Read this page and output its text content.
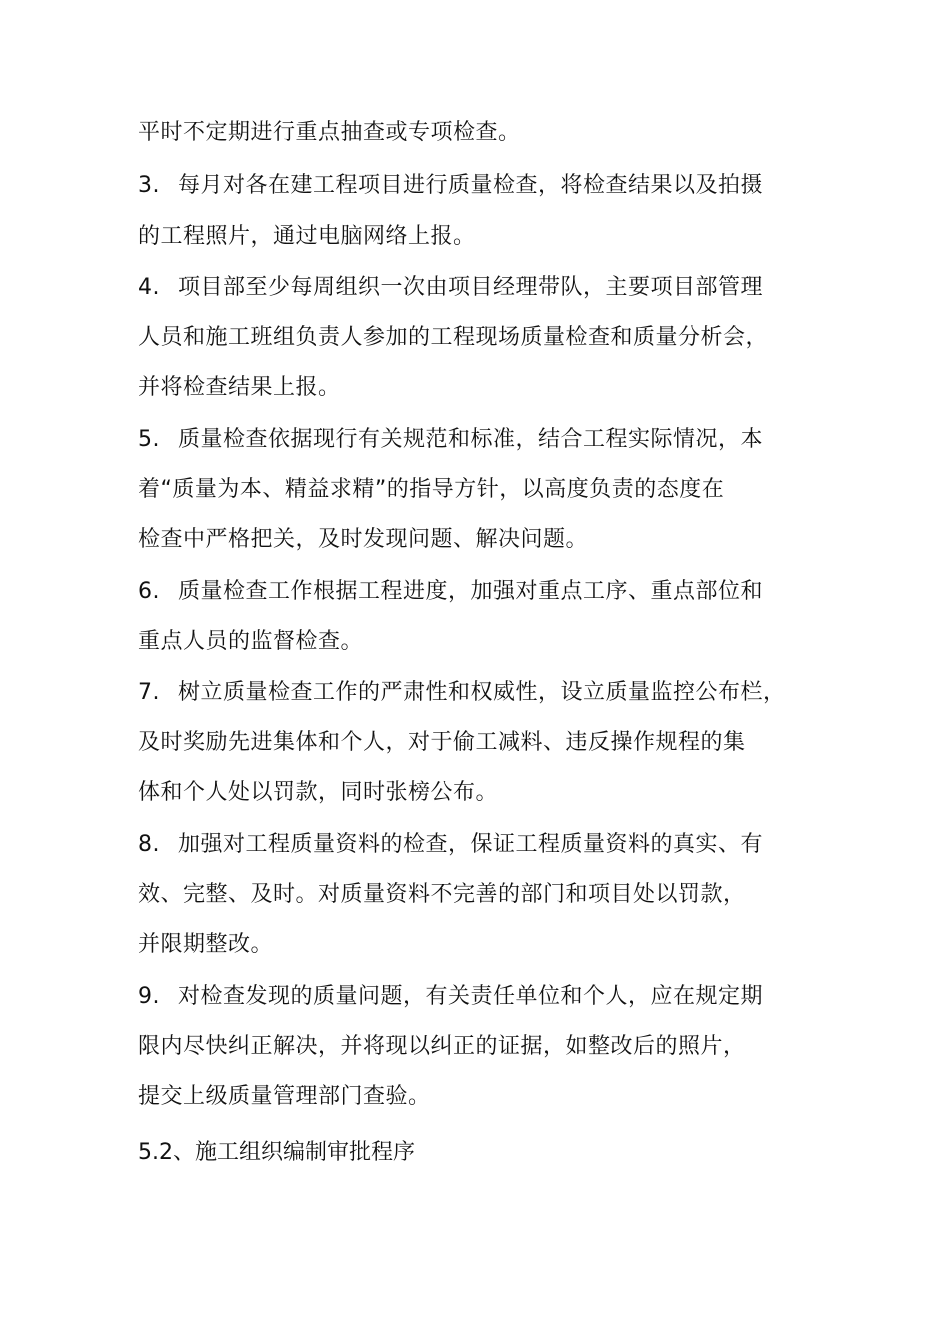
平时不定期进行重点抽查或专项检查。
3. 每月对各在建工程项目进行质量检查，将检查结果以及拍摄
的工程照片，通过电脑网络上报。
4. 项目部至少每周组织一次由项目经理带队，主要项目部管理
人员和施工班组负责人参加的工程现场质量检查和质量分析会，
并将检查结果上报。
5. 质量检查依据现行有关规范和标准，结合工程实际情况，本
着“质量为本、精益求精”的指导方针，以高度负责的态度在
检查中严格把关，及时发现问题、解决问题。
6. 质量检查工作根据工程进度，加强对重点工序、重点部位和
重点人员的监督检查。
7. 树立质量检查工作的严肃性和权威性，设立质量监控公布栏，
及时奖励先进集体和个人，对于偷工减料、违反操作规程的集
体和个人处以罚款，同时张榜公布。
8. 加强对工程质量资料的检查，保证工程质量资料的真实、有
效、完整、及时。对质量资料不完善的部门和项目处以罚款，
并限期整改。
9. 对检查发现的质量问题，有关责任单位和个人，应在规定期
限内尽快纠正解决，并将现以纠正的证据，如整改后的照片，
提交上级质量管理部门查验。
5.2、施工组织编制审批程序
